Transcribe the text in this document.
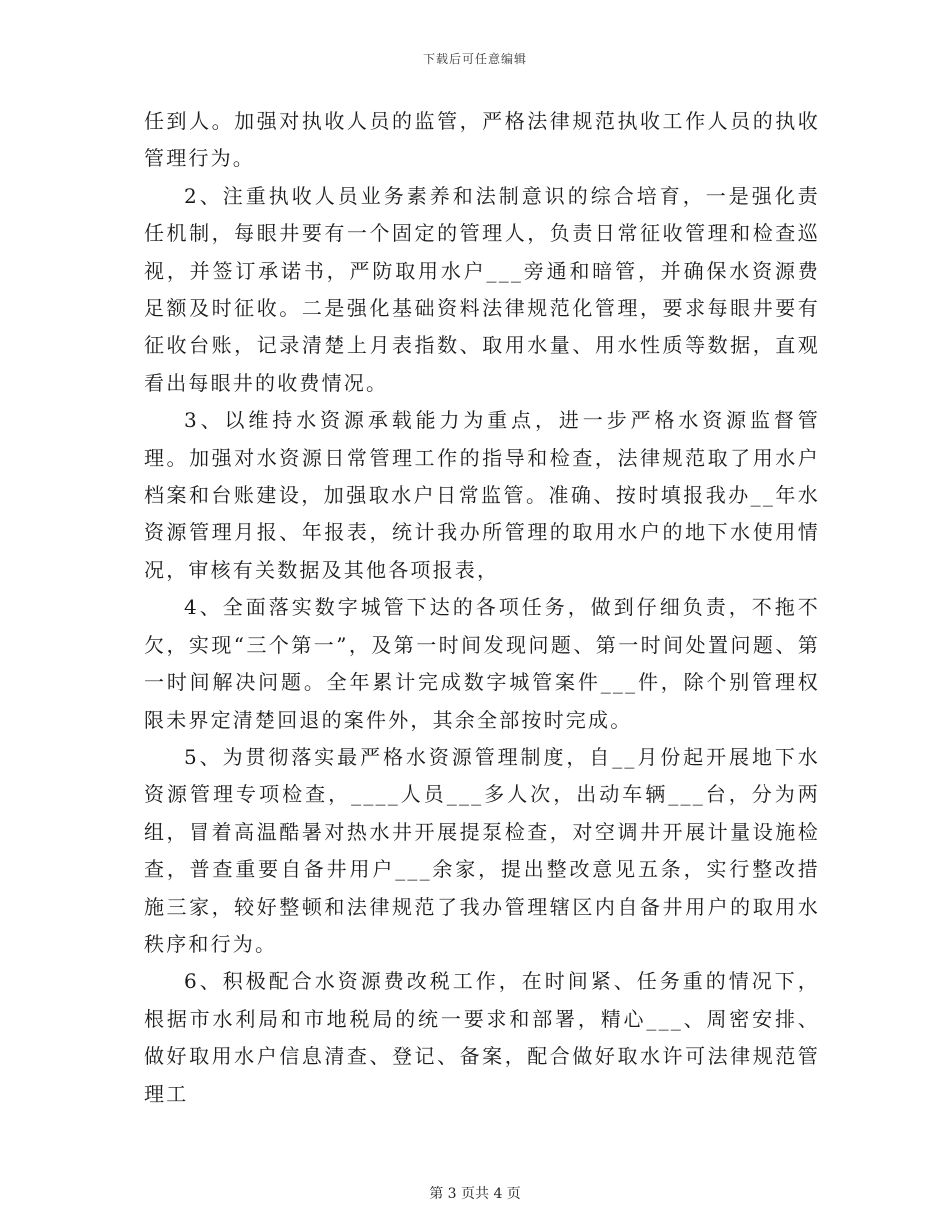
下载后可任意编辑

任到人。加强对执收人员的监管，严格法律规范执收工作人员的执收管理行为。

2、注重执收人员业务素养和法制意识的综合培育，一是强化责任机制，每眼井要有一个固定的管理人，负责日常征收管理和检查巡视，并签订承诺书，严防取用水户___旁通和暗管，并确保水资源费足额及时征收。二是强化基础资料法律规范化管理，要求每眼井要有征收台账，记录清楚上月表指数、取用水量、用水性质等数据，直观看出每眼井的收费情况。

3、以维持水资源承载能力为重点，进一步严格水资源监督管理。加强对水资源日常管理工作的指导和检查，法律规范取了用水户档案和台账建设，加强取水户日常监管。准确、按时填报我办__年水资源管理月报、年报表，统计我办所管理的取用水户的地下水使用情况，审核有关数据及其他各项报表，

4、全面落实数字城管下达的各项任务，做到仔细负责，不拖不欠，实现“三个第一”，及第一时间发现问题、第一时间处置问题、第一时间解决问题。全年累计完成数字城管案件___件，除个别管理权限未界定清楚回退的案件外，其余全部按时完成。

5、为贯彻落实最严格水资源管理制度，自__月份起开展地下水资源管理专项检查，____人员___多人次，出动车辆___台，分为两组，冒着高温酷暑对热水井开展提泵检查，对空调井开展计量设施检查，普查重要自备井用户___余家，提出整改意见五条，实行整改措施三家，较好整顿和法律规范了我办管理辖区内自备井用户的取用水秩序和行为。

6、积极配合水资源费改税工作，在时间紧、任务重的情况下，根据市水利局和市地税局的统一要求和部署，精心___、周密安排、做好取用水户信息清查、登记、备案，配合做好取水许可法律规范管理工

第 3 页共 4 页
